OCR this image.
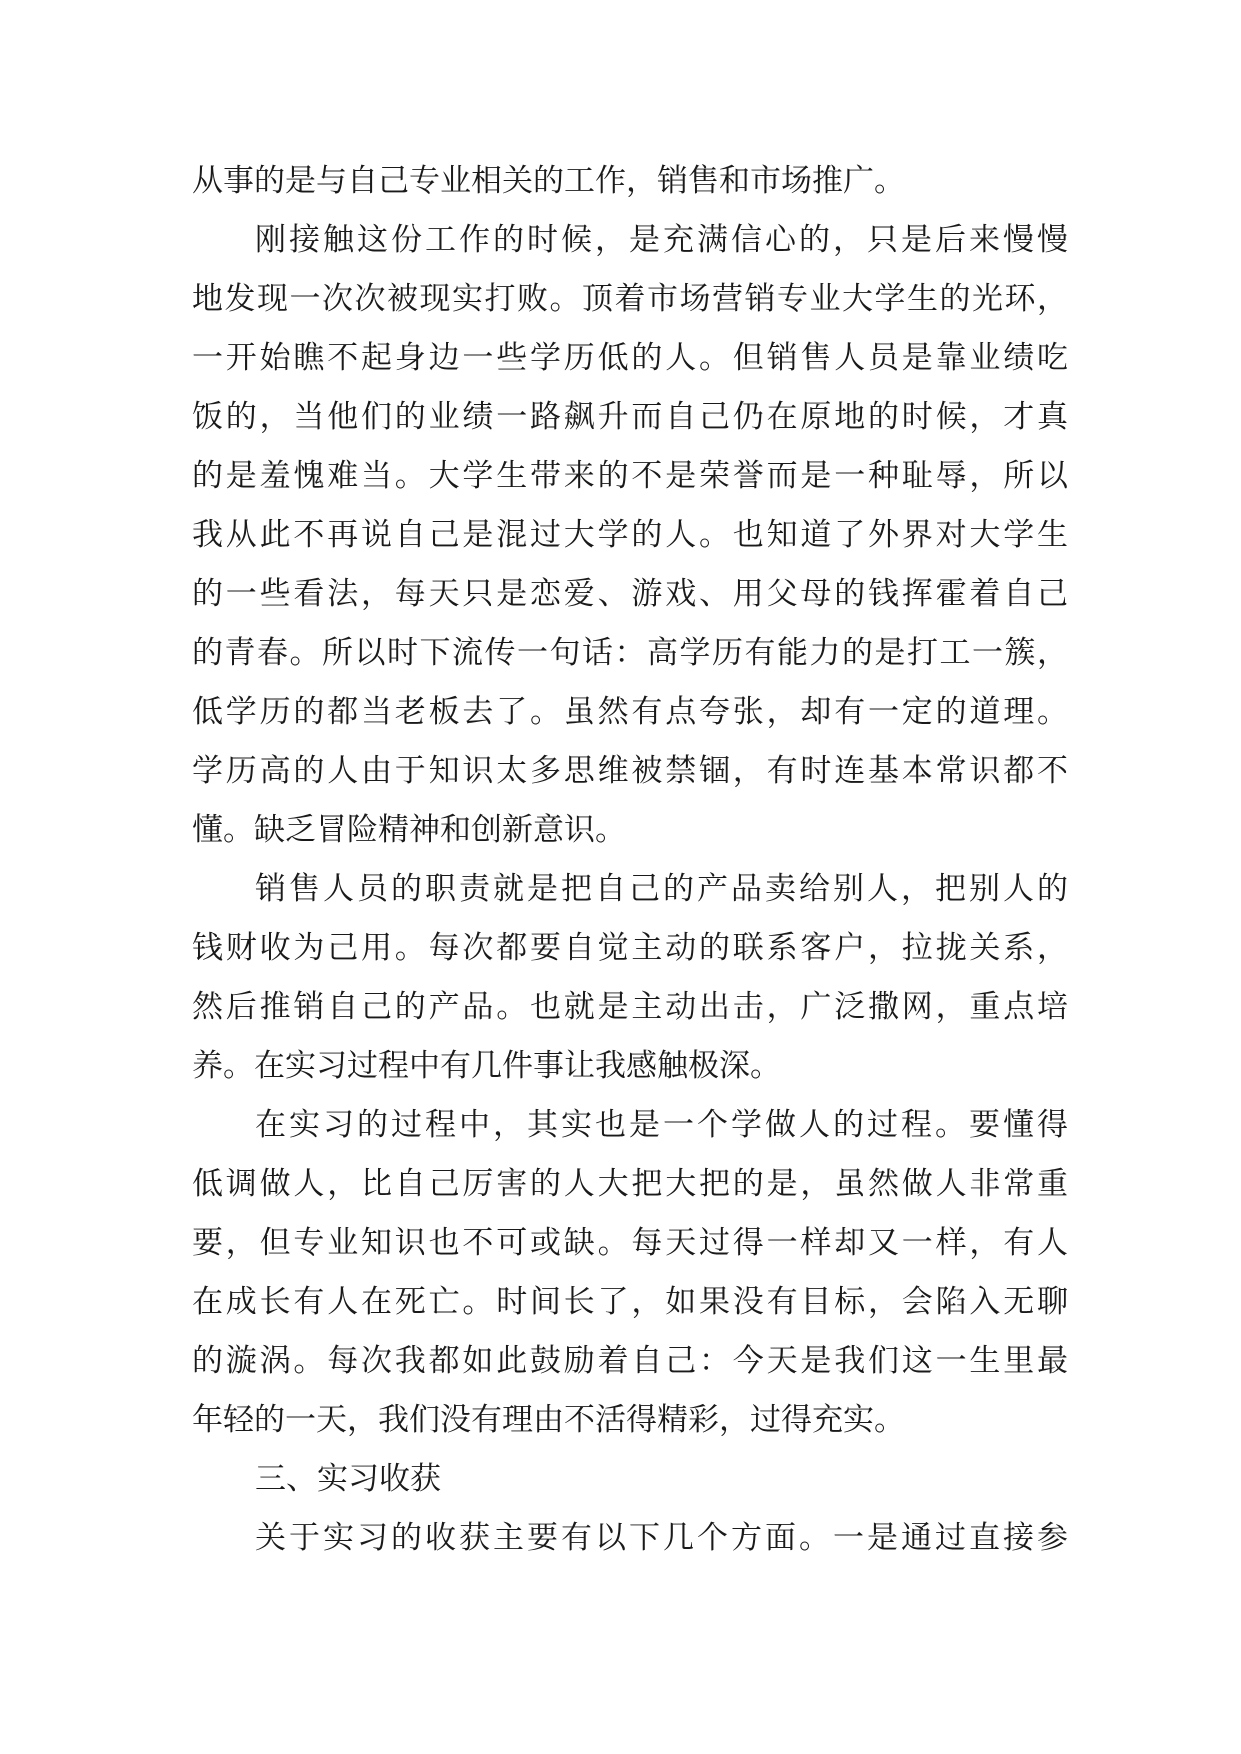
从事的是与自己专业相关的工作，销售和市场推广。
刚接触这份工作的时候，是充满信心的，只是后来慢慢
地发现一次次被现实打败。顶着市场营销专业大学生的光环，
一开始瞧不起身边一些学历低的人。但销售人员是靠业绩吃
饭的，当他们的业绩一路飙升而自己仍在原地的时候，才真
的是羞愧难当。大学生带来的不是荣誉而是一种耻辱，所以
我从此不再说自己是混过大学的人。也知道了外界对大学生
的一些看法，每天只是恋爱、游戏、用父母的钱挥霍着自己
的青春。所以时下流传一句话：高学历有能力的是打工一簇，
低学历的都当老板去了。虽然有点夸张，却有一定的道理。
学历高的人由于知识太多思维被禁锢，有时连基本常识都不
懂。缺乏冒险精神和创新意识。
销售人员的职责就是把自己的产品卖给别人，把别人的
钱财收为己用。每次都要自觉主动的联系客户，拉拢关系，
然后推销自己的产品。也就是主动出击，广泛撒网，重点培
养。在实习过程中有几件事让我感触极深。
在实习的过程中，其实也是一个学做人的过程。要懂得
低调做人，比自己厉害的人大把大把的是，虽然做人非常重
要，但专业知识也不可或缺。每天过得一样却又一样，有人
在成长有人在死亡。时间长了，如果没有目标，会陷入无聊
的漩涡。每次我都如此鼓励着自己：今天是我们这一生里最
年轻的一天，我们没有理由不活得精彩，过得充实。
三、实习收获
关于实习的收获主要有以下几个方面。一是通过直接参
